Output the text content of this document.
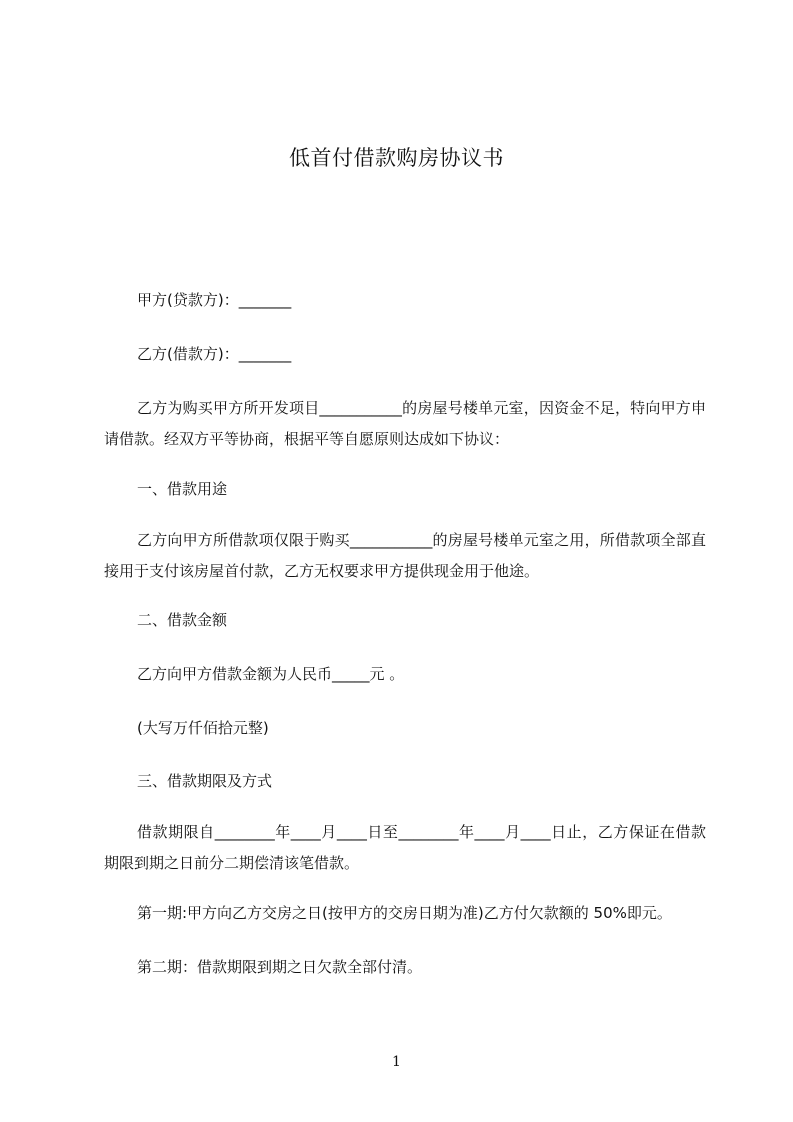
低首付借款购房协议书
甲方(贷款方)：_______
乙方(借款方)：_______
乙方为购买甲方所开发项目___________的房屋号楼单元室，因资金不足，特向甲方申请借款。经双方平等协商，根据平等自愿原则达成如下协议：
一、借款用途
乙方向甲方所借款项仅限于购买___________的房屋号楼单元室之用，所借款项全部直接用于支付该房屋首付款，乙方无权要求甲方提供现金用于他途。
二、借款金额
乙方向甲方借款金额为人民币_____元 。
(大写万仟佰拾元整)
三、借款期限及方式
借款期限自________年____月____日至________年____月____日止，乙方保证在借款期限到期之日前分二期偿清该笔借款。
第一期:甲方向乙方交房之日(按甲方的交房日期为准)乙方付欠款额的 50%即元。
第二期：借款期限到期之日欠款全部付清。
1
